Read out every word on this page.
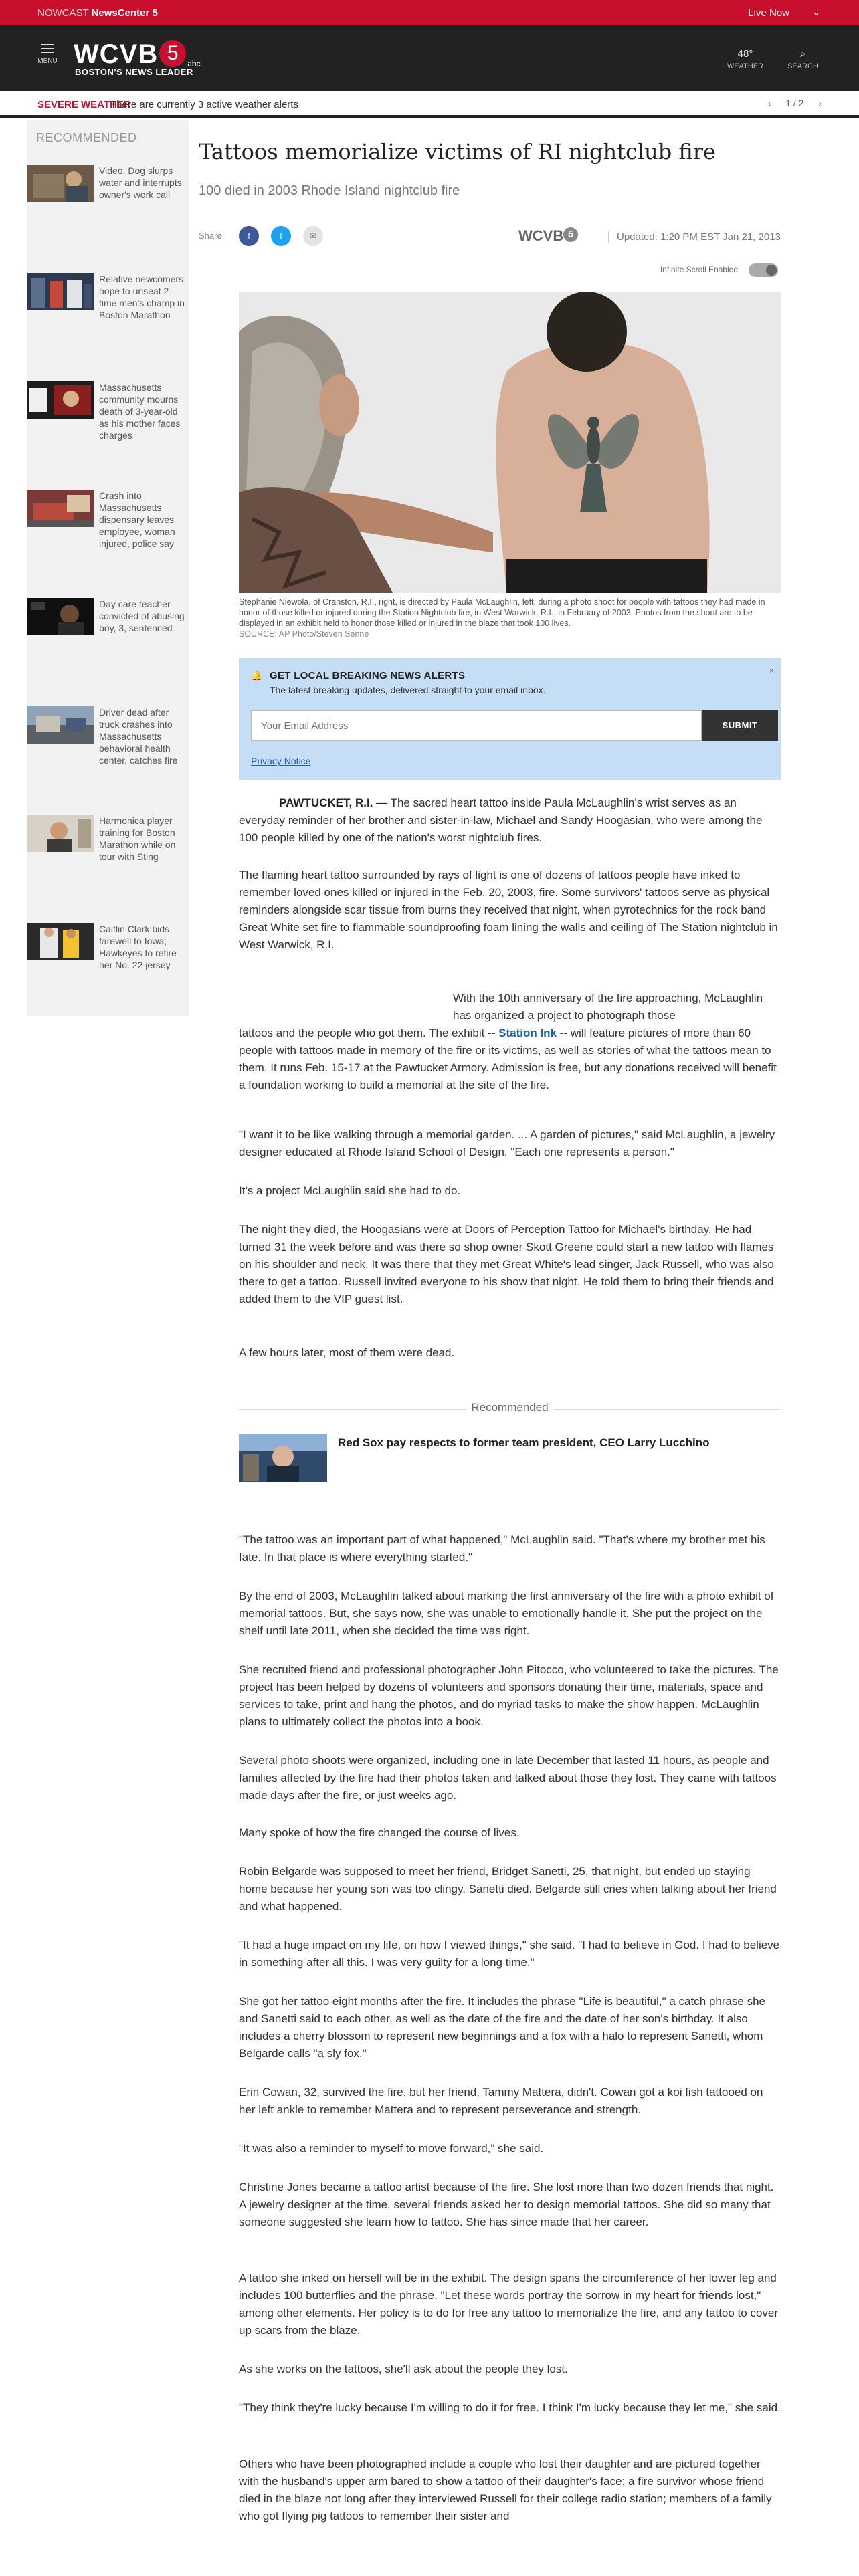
NOWCAST NewsCenter 5	Live Now ⌄
MENU WCVB 5 abc
BOSTON'S NEWS LEADER
48°
WEATHER
⌕
SEARCH
SEVERE WEATHER
There are currently 3 active weather alerts	‹ 1 / 2 ›
RECOMMENDED
Video: Dog slurps water and interrupts owner's work call
Relative newcomers hope to unseat 2-time men's champ in Boston Marathon
Massachusetts community mourns death of 3-year-old as his mother faces charges
Crash into Massachusetts dispensary leaves employee, woman injured, police say
Day care teacher convicted of abusing boy, 3, sentenced
Driver dead after truck crashes into Massachusetts behavioral health center, catches fire
Harmonica player training for Boston Marathon while on tour with Sting
Caitlin Clark bids farewell to Iowa; Hawkeyes to retire her No. 22 jersey
Tattoos memorialize victims of RI nightclub fire
100 died in 2003 Rhode Island nightclub fire
Share	f	t	✉	WCVB 5	Updated: 1:20 PM EST Jan 21, 2013
Infinite Scroll Enabled
Stephanie Niewola, of Cranston, R.I., right, is directed by Paula McLaughlin, left, during a photo shoot for people with tattoos they had made in honor of those killed or injured during the Station Nightclub fire, in West Warwick, R.I., in February of 2003. Photos from the shoot are to be displayed in an exhibit held to honor those killed or injured in the blaze that took 100 lives.
SOURCE: AP Photo/Steven Senne
🔔 GET LOCAL BREAKING NEWS ALERTS
The latest breaking updates, delivered straight to your email inbox.
×
Your Email Address
SUBMIT
Privacy Notice

PAWTUCKET, R.I. — The sacred heart tattoo inside Paula McLaughlin's wrist serves as an everyday reminder of her brother and sister-in-law, Michael and Sandy Hoogasian, who were among the 100 people killed by one of the nation's worst nightclub fires.

The flaming heart tattoo surrounded by rays of light is one of dozens of tattoos people have inked to remember loved ones killed or injured in the Feb. 20, 2003, fire. Some survivors' tattoos serve as physical reminders alongside scar tissue from burns they received that night, when pyrotechnics for the rock band Great White set fire to flammable soundproofing foam lining the walls and ceiling of The Station nightclub in West Warwick, R.I.

With the 10th anniversary of the fire approaching, McLaughlin has organized a project to photograph those
tattoos and the people who got them. The exhibit -- Station Ink -- will feature pictures of more than 60 people with tattoos made in memory of the fire or its victims, as well as stories of what the tattoos mean to them. It runs Feb. 15-17 at the Pawtucket Armory. Admission is free, but any donations received will benefit a foundation working to build a memorial at the site of the fire.

"I want it to be like walking through a memorial garden. ... A garden of pictures," said McLaughlin, a jewelry designer educated at Rhode Island School of Design. "Each one represents a person."

It's a project McLaughlin said she had to do.

The night they died, the Hoogasians were at Doors of Perception Tattoo for Michael's birthday. He had turned 31 the week before and was there so shop owner Skott Greene could start a new tattoo with flames on his shoulder and neck. It was there that they met Great White's lead singer, Jack Russell, who was also there to get a tattoo. Russell invited everyone to his show that night. He told them to bring their friends and added them to the VIP guest list.

A few hours later, most of them were dead.

Recommended
Red Sox pay respects to former team president, CEO Larry Lucchino

"The tattoo was an important part of what happened," McLaughlin said. "That's where my brother met his fate. In that place is where everything started."

By the end of 2003, McLaughlin talked about marking the first anniversary of the fire with a photo exhibit of memorial tattoos. But, she says now, she was unable to emotionally handle it. She put the project on the shelf until late 2011, when she decided the time was right.

She recruited friend and professional photographer John Pitocco, who volunteered to take the pictures. The project has been helped by dozens of volunteers and sponsors donating their time, materials, space and services to take, print and hang the photos, and do myriad tasks to make the show happen. McLaughlin plans to ultimately collect the photos into a book.

Several photo shoots were organized, including one in late December that lasted 11 hours, as people and families affected by the fire had their photos taken and talked about those they lost. They came with tattoos made days after the fire, or just weeks ago.

Many spoke of how the fire changed the course of lives.

Robin Belgarde was supposed to meet her friend, Bridget Sanetti, 25, that night, but ended up staying home because her young son was too clingy. Sanetti died. Belgarde still cries when talking about her friend and what happened.

"It had a huge impact on my life, on how I viewed things," she said. "I had to believe in God. I had to believe in something after all this. I was very guilty for a long time."

She got her tattoo eight months after the fire. It includes the phrase "Life is beautiful," a catch phrase she and Sanetti said to each other, as well as the date of the fire and the date of her son's birthday. It also includes a cherry blossom to represent new beginnings and a fox with a halo to represent Sanetti, whom Belgarde calls "a sly fox."

Erin Cowan, 32, survived the fire, but her friend, Tammy Mattera, didn't. Cowan got a koi fish tattooed on her left ankle to remember Mattera and to represent perseverance and strength.

"It was also a reminder to myself to move forward," she said.

Christine Jones became a tattoo artist because of the fire. She lost more than two dozen friends that night. A jewelry designer at the time, several friends asked her to design memorial tattoos. She did so many that someone suggested she learn how to tattoo. She has since made that her career.

A tattoo she inked on herself will be in the exhibit. The design spans the circumference of her lower leg and includes 100 butterflies and the phrase, "Let these words portray the sorrow in my heart for friends lost," among other elements. Her policy is to do for free any tattoo to memorialize the fire, and any tattoo to cover up scars from the blaze.

As she works on the tattoos, she'll ask about the people they lost.

"They think they're lucky because I'm willing to do it for free. I think I'm lucky because they let me," she said.

Others who have been photographed include a couple who lost their daughter and are pictured together with the husband's upper arm bared to show a tattoo of their daughter's face; a fire survivor whose friend died in the blaze not long after they interviewed Russell for their college radio station; members of a family who got flying pig tattoos to remember their sister and
